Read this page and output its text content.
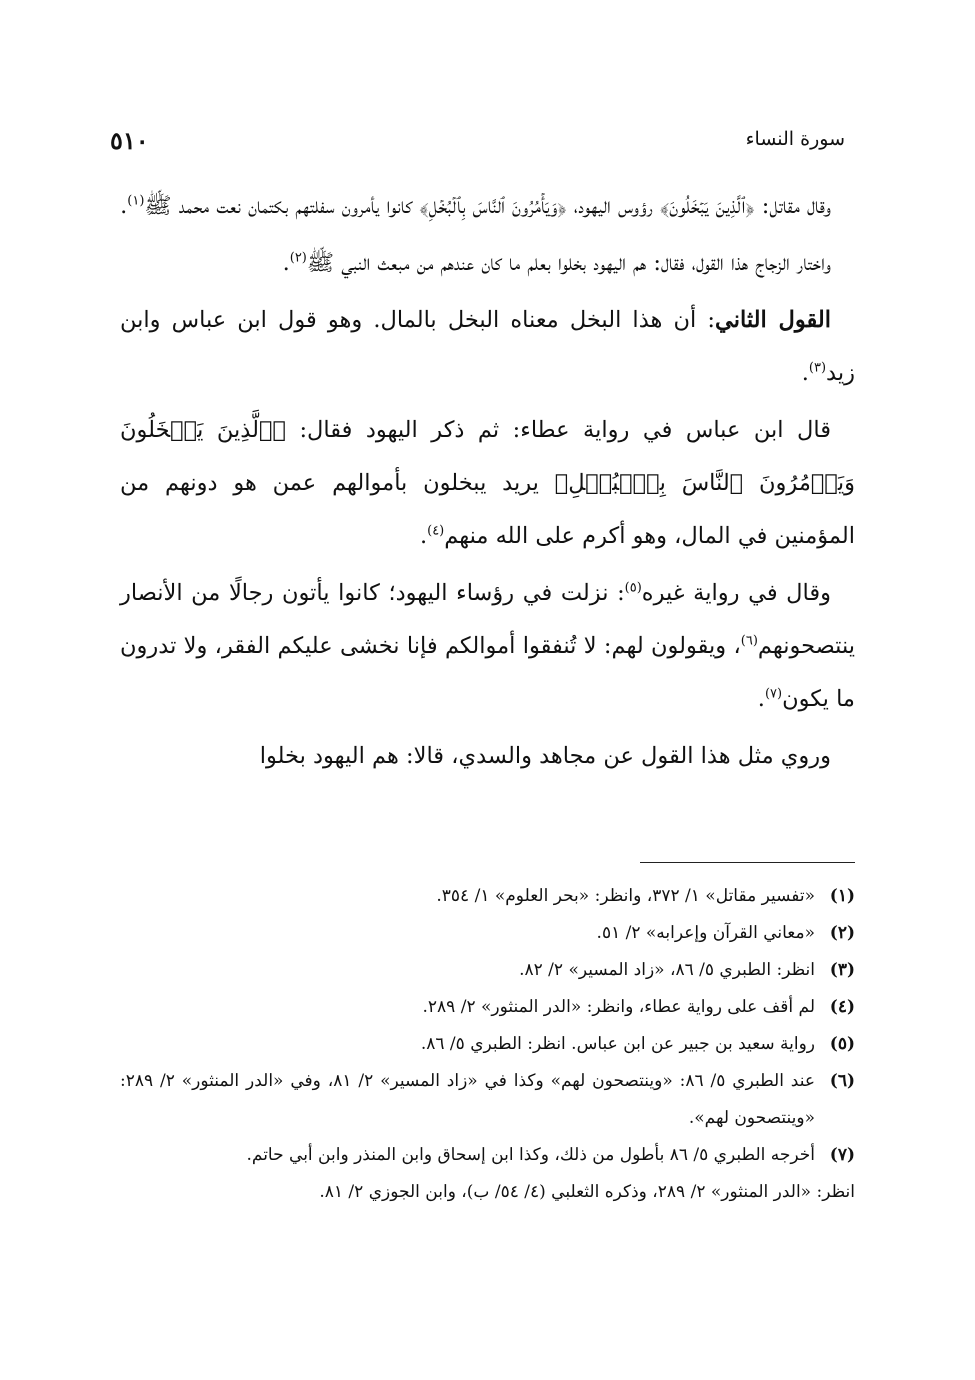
٥١٠	سورة النساء

وقال مقاتل: ﴿ٱلَّذِينَ يَبۡخَلُونَ﴾ رؤوس اليهود، ﴿وَيَأۡمُرُونَ ٱلنَّاسَ بِٱلۡبُخۡلِ﴾ كانوا يأمرون سفلتهم بكتمان نعت محمد ﷺ$^{(١)}$.

واختار الزجاج هذا القول، فقال: هم اليهود بخلوا بعلم ما كان عندهم من مبعث النبي ﷺ$^{(٢)}$.

القول الثاني: أن هذا البخل معناه البخل بالمال. وهو قول ابن عباس وابن زيد$^{(٣)}$.

قال ابن عباس في رواية عطاء: ثم ذكر اليهود فقال: ﴿ٱلَّذِينَ يَبۡخَلُونَ وَيَأۡمُرُونَ ٱلنَّاسَ بِٱلۡبُخۡلِ﴾ يريد يبخلون بأموالهم عمن هو دونهم من المؤمنين في المال، وهو أكرم على الله منهم$^{(٤)}$.

وقال في رواية غيره$^{(٥)}$: نزلت في رؤساء اليهود؛ كانوا يأتون رجالًا من الأنصار ينتصحونهم$^{(٦)}$، ويقولون لهم: لا تُنفقوا أموالكم فإنا نخشى عليكم الفقر، ولا تدرون ما يكون$^{(٧)}$.

وروي مثل هذا القول عن مجاهد والسدي، قالا: هم اليهود بخلوا

(١)
«تفسير مقاتل» ١/ ٣٧٢، وانظر: «بحر العلوم» ١/ ٣٥٤.
(٢)
«معاني القرآن وإعرابه» ٢/ ٥١.
(٣)
انظر: الطبري ٥/ ٨٦، «زاد المسير» ٢/ ٨٢.
(٤)
لم أقف على رواية عطاء، وانظر: «الدر المنثور» ٢/ ٢٨٩.
(٥)
رواية سعيد بن جبير عن ابن عباس. انظر: الطبري ٥/ ٨٦.
(٦)
عند الطبري ٥/ ٨٦: «وينتصحون لهم» وكذا في «زاد المسير» ٢/ ٨١، وفي «الدر المنثور» ٢/ ٢٨٩: «وينتصحون لهم».
(٧)
أخرجه الطبري ٥/ ٨٦ بأطول من ذلك، وكذا ابن إسحاق وابن المنذر وابن أبي حاتم.
انظر: «الدر المنثور» ٢/ ٢٨٩، وذكره الثعلبي (٤/ ٥٤/ ب)، وابن الجوزي ٢/ ٨١.
